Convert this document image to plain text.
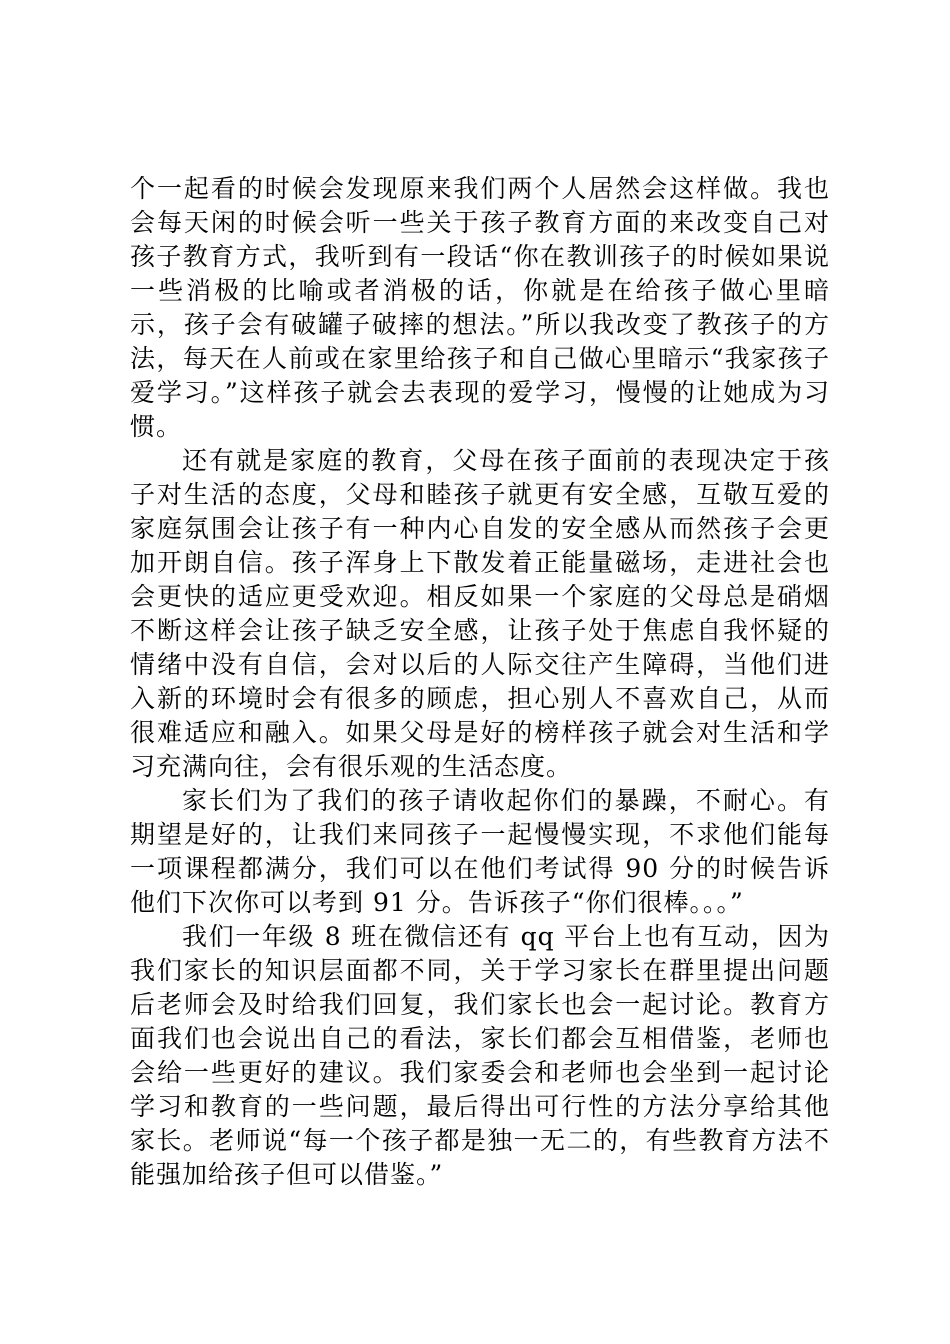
个一起看的时候会发现原来我们两个人居然会这样做。我也会每天闲的时候会听一些关于孩子教育方面的来改变自己对孩子教育方式，我听到有一段话“你在教训孩子的时候如果说一些消极的比喻或者消极的话，你就是在给孩子做心里暗示，孩子会有破罐子破摔的想法。”所以我改变了教孩子的方法，每天在人前或在家里给孩子和自己做心里暗示“我家孩子爱学习。”这样孩子就会去表现的爱学习，慢慢的让她成为习惯。

还有就是家庭的教育，父母在孩子面前的表现决定于孩子对生活的态度，父母和睦孩子就更有安全感，互敬互爱的家庭氛围会让孩子有一种内心自发的安全感从而然孩子会更加开朗自信。孩子浑身上下散发着正能量磁场，走进社会也会更快的适应更受欢迎。相反如果一个家庭的父母总是硝烟不断这样会让孩子缺乏安全感，让孩子处于焦虑自我怀疑的情绪中没有自信，会对以后的人际交往产生障碍，当他们进入新的环境时会有很多的顾虑，担心别人不喜欢自己，从而很难适应和融入。如果父母是好的榜样孩子就会对生活和学习充满向往，会有很乐观的生活态度。

家长们为了我们的孩子请收起你们的暴躁，不耐心。有期望是好的，让我们来同孩子一起慢慢实现，不求他们能每一项课程都满分，我们可以在他们考试得 90 分的时候告诉他们下次你可以考到 91 分。告诉孩子“你们很棒。。。”

我们一年级 8 班在微信还有 qq 平台上也有互动，因为我们家长的知识层面都不同，关于学习家长在群里提出问题后老师会及时给我们回复，我们家长也会一起讨论。教育方面我们也会说出自己的看法，家长们都会互相借鉴，老师也会给一些更好的建议。我们家委会和老师也会坐到一起讨论学习和教育的一些问题，最后得出可行性的方法分享给其他家长。老师说“每一个孩子都是独一无二的，有些教育方法不能强加给孩子但可以借鉴。”
